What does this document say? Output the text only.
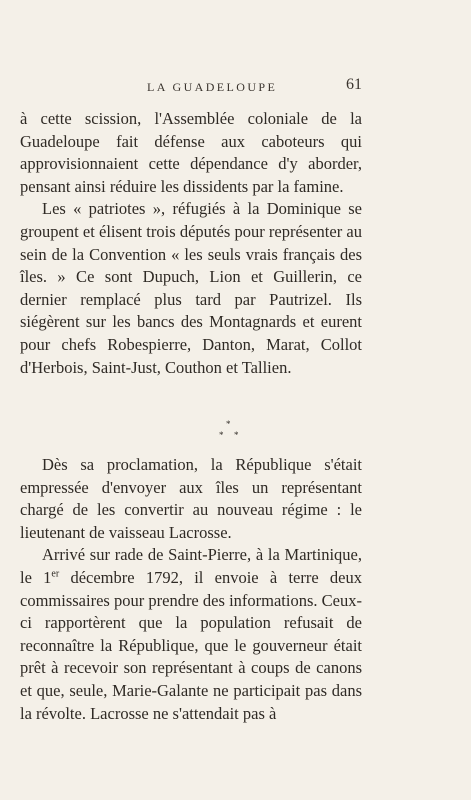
LA GUADELOUPE	61

à cette scission, l'Assemblée coloniale de la Guadeloupe fait défense aux caboteurs qui approvisionnaient cette dépendance d'y aborder, pensant ainsi réduire les dissidents par la famine.

Les « patriotes », réfugiés à la Dominique se groupent et élisent trois députés pour représenter au sein de la Convention « les seuls vrais français des îles. » Ce sont Dupuch, Lion et Guillerin, ce dernier remplacé plus tard par Pautrizel. Ils siégèrent sur les bancs des Montagnards et eurent pour chefs Robespierre, Danton, Marat, Collot d'Herbois, Saint-Just, Couthon et Tallien.

*
* *

Dès sa proclamation, la République s'était empressée d'envoyer aux îles un représentant chargé de les convertir au nouveau régime : le lieutenant de vaisseau Lacrosse.

Arrivé sur rade de Saint-Pierre, à la Martinique, le 1er décembre 1792, il envoie à terre deux commissaires pour prendre des informations. Ceux-ci rapportèrent que la population refusait de reconnaître la République, que le gouverneur était prêt à recevoir son représentant à coups de canons et que, seule, Marie-Galante ne participait pas dans la révolte. Lacrosse ne s'attendait pas à
